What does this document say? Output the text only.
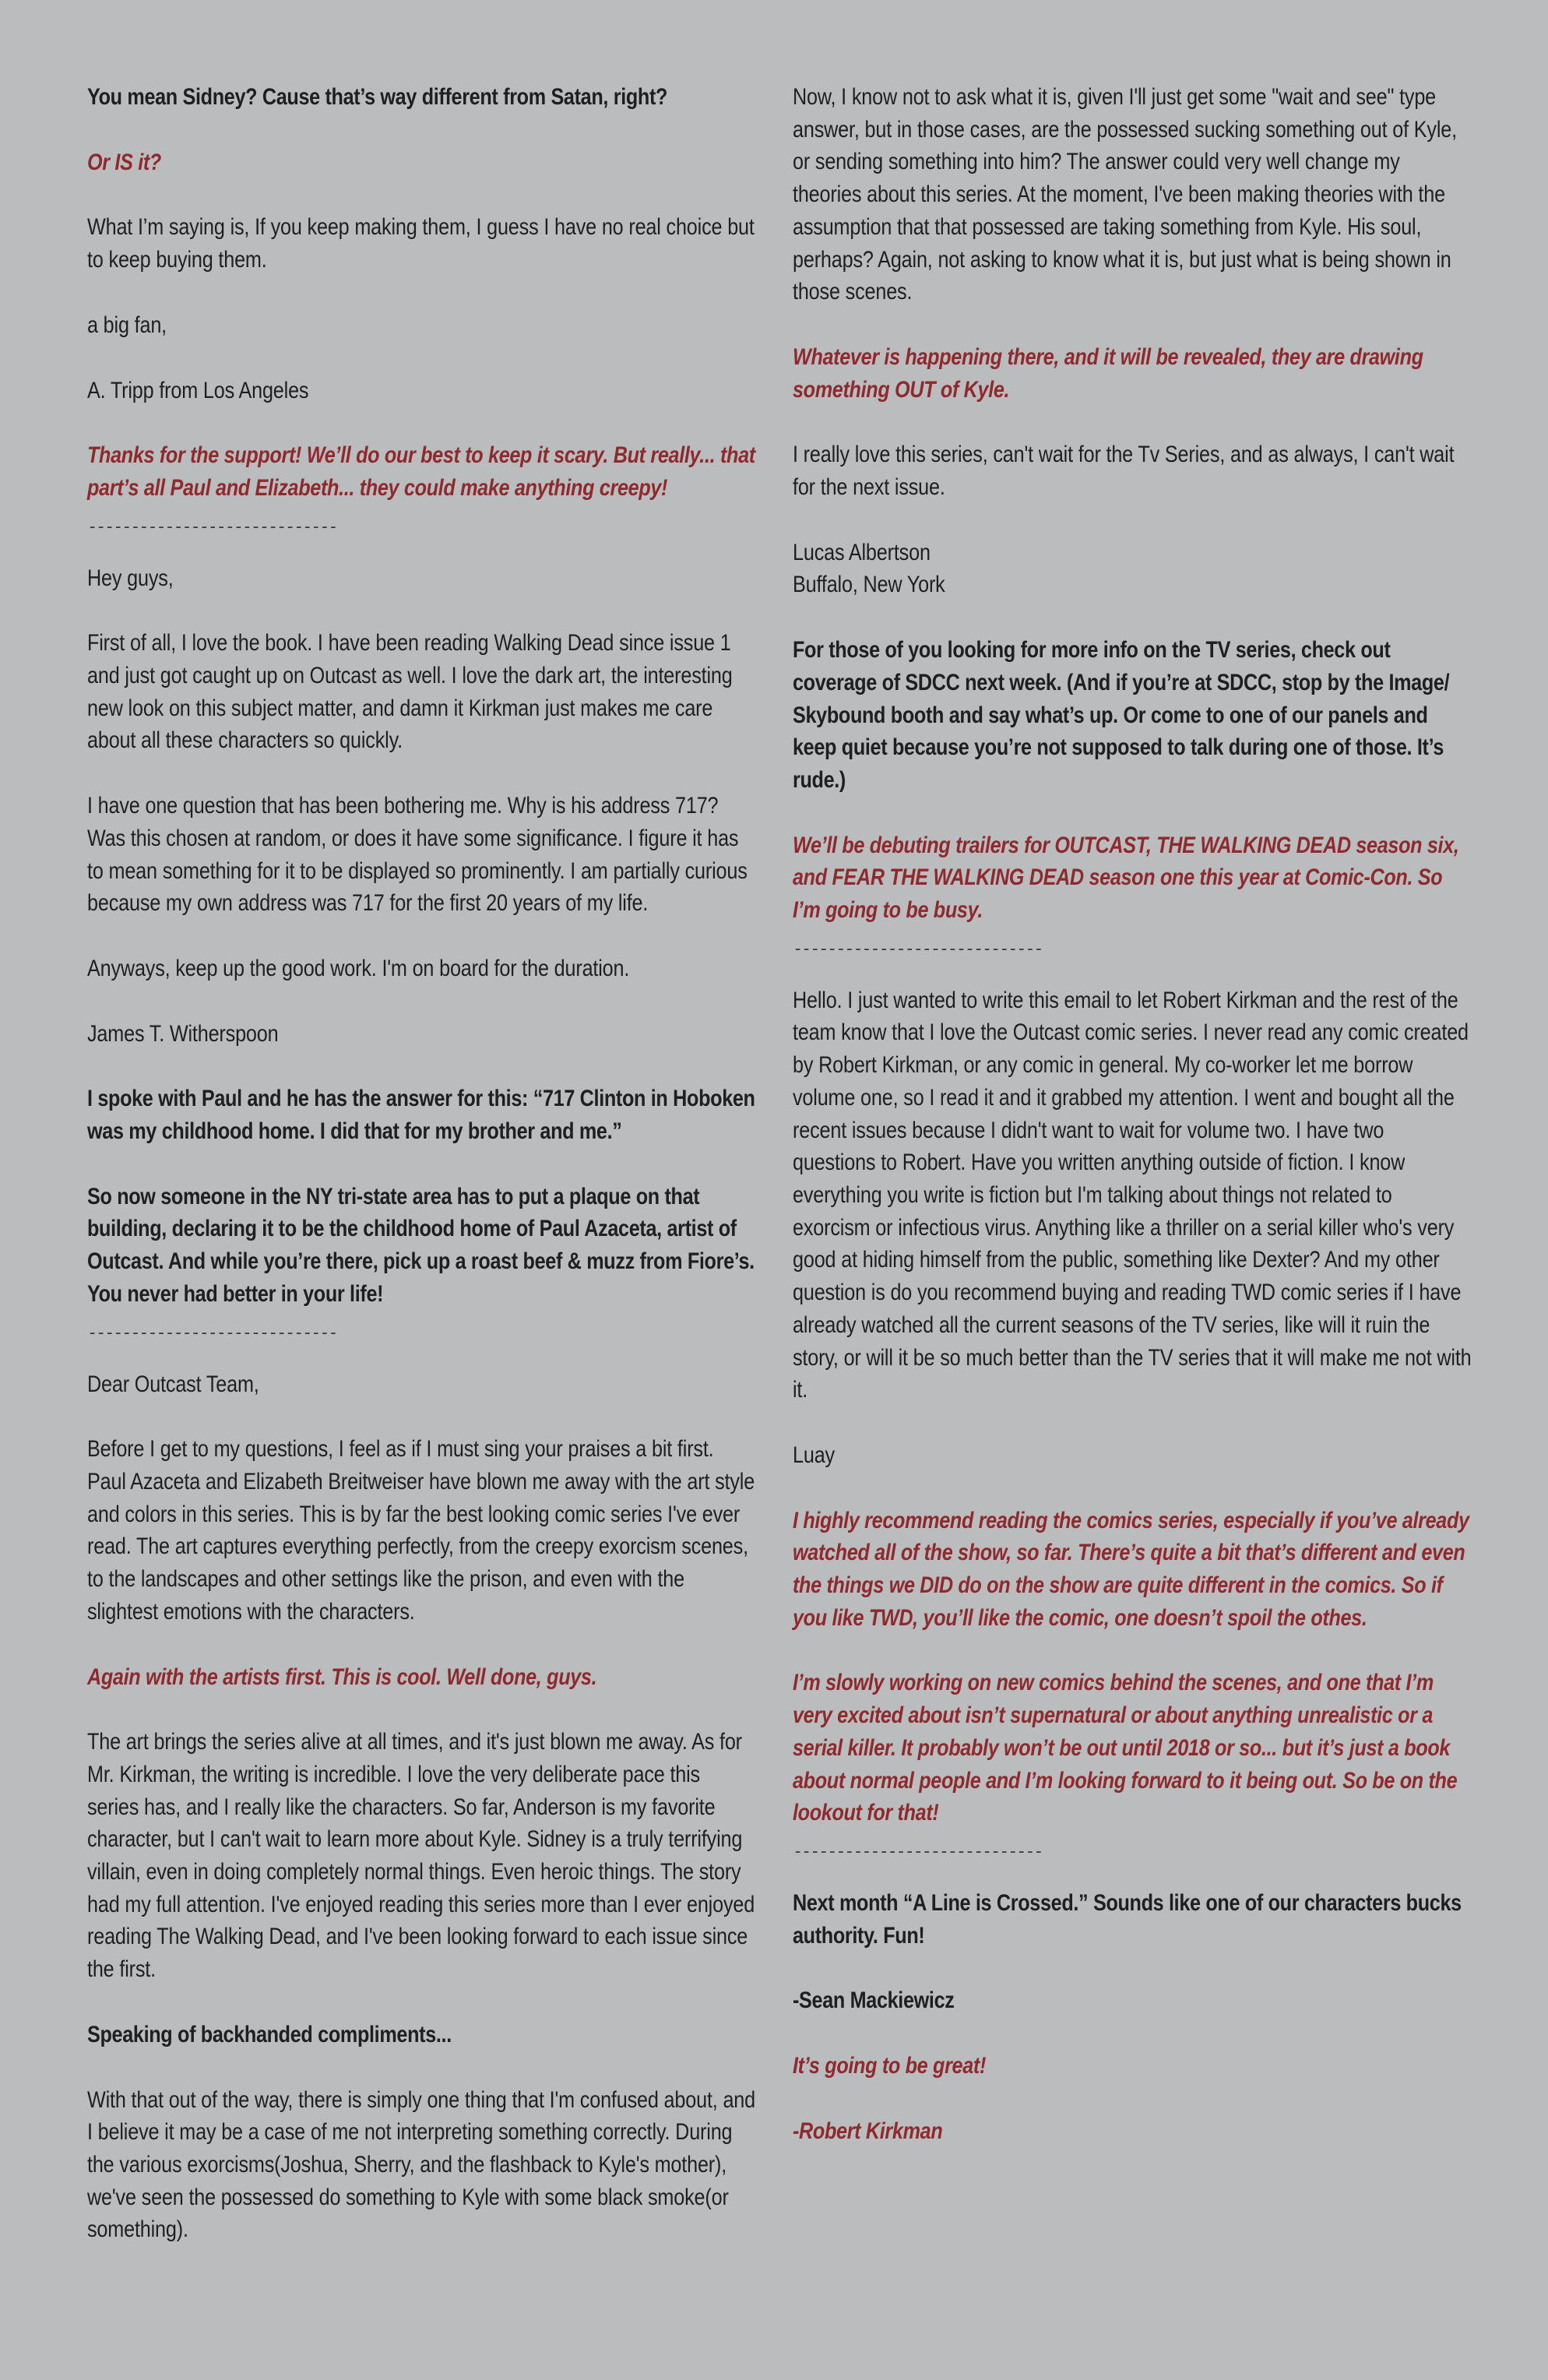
You mean Sidney? Cause that’s way different from Satan, right?
Or IS it?
What I’m saying is, If you keep making them, I guess I have no real choice but to keep buying them.
a big fan,
A. Tripp from Los Angeles
Thanks for the support! We’ll do our best to keep it scary. But really... that part’s all Paul and Elizabeth... they could make anything creepy!
-----------------------------
Hey guys,
First of all, I love the book. I have been reading Walking Dead since issue 1 and just got caught up on Outcast as well. I love the dark art, the interesting new look on this subject matter, and damn it Kirkman just makes me care about all these characters so quickly.
I have one question that has been bothering me. Why is his address 717? Was this chosen at random, or does it have some significance. I figure it has to mean something for it to be displayed so prominently. I am partially curious because my own address was 717 for the first 20 years of my life.
Anyways, keep up the good work. I'm on board for the duration.
James T. Witherspoon
I spoke with Paul and he has the answer for this: “717 Clinton in Hoboken was my childhood home. I did that for my brother and me.”
So now someone in the NY tri-state area has to put a plaque on that building, declaring it to be the childhood home of Paul Azaceta, artist of Outcast. And while you’re there, pick up a roast beef & muzz from Fiore’s. You never had better in your life!
-----------------------------
Dear Outcast Team,
Before I get to my questions, I feel as if I must sing your praises a bit first. Paul Azaceta and Elizabeth Breitweiser have blown me away with the art style and colors in this series. This is by far the best looking comic series I've ever read. The art captures everything perfectly, from the creepy exorcism scenes, to the landscapes and other settings like the prison, and even with the slightest emotions with the characters.
Again with the artists first. This is cool. Well done, guys.
The art brings the series alive at all times, and it's just blown me away. As for Mr. Kirkman, the writing is incredible. I love the very deliberate pace this series has, and I really like the characters. So far, Anderson is my favorite character, but I can't wait to learn more about Kyle. Sidney is a truly terrifying villain, even in doing completely normal things. Even heroic things. The story had my full attention. I've enjoyed reading this series more than I ever enjoyed reading The Walking Dead, and I've been looking forward to each issue since the first.
Speaking of backhanded compliments...
With that out of the way, there is simply one thing that I'm confused about, and I believe it may be a case of me not interpreting something correctly. During the various exorcisms(Joshua, Sherry, and the flashback to Kyle's mother), we've seen the possessed do something to Kyle with some black smoke(or something).
Now, I know not to ask what it is, given I'll just get some "wait and see" type answer, but in those cases, are the possessed sucking something out of Kyle, or sending something into him? The answer could very well change my theories about this series. At the moment, I've been making theories with the assumption that that possessed are taking something from Kyle. His soul, perhaps? Again, not asking to know what it is, but just what is being shown in those scenes.
Whatever is happening there, and it will be revealed, they are drawing something OUT of Kyle.
I really love this series, can't wait for the Tv Series, and as always, I can't wait for the next issue.
Lucas Albertson
Buffalo, New York
For those of you looking for more info on the TV series, check out coverage of SDCC next week. (And if you’re at SDCC, stop by the Image/ Skybound booth and say what’s up. Or come to one of our panels and keep quiet because you’re not supposed to talk during one of those. It’s rude.)
We’ll be debuting trailers for OUTCAST, THE WALKING DEAD season six, and FEAR THE WALKING DEAD season one this year at Comic-Con. So I’m going to be busy.
-----------------------------
Hello. I just wanted to write this email to let Robert Kirkman and the rest of the team know that I love the Outcast comic series. I never read any comic created by Robert Kirkman, or any comic in general. My co-worker let me borrow volume one, so I read it and it grabbed my attention. I went and bought all the recent issues because I didn't want to wait for volume two. I have two questions to Robert. Have you written anything outside of fiction. I know everything you write is fiction but I'm talking about things not related to exorcism or infectious virus. Anything like a thriller on a serial killer who's very good at hiding himself from the public, something like Dexter? And my other question is do you recommend buying and reading TWD comic series if I have already watched all the current seasons of the TV series, like will it ruin the story, or will it be so much better than the TV series that it will make me not with it.
Luay
I highly recommend reading the comics series, especially if you’ve already watched all of the show, so far. There’s quite a bit that’s different and even the things we DID do on the show are quite different in the comics. So if you like TWD, you’ll like the comic, one doesn’t spoil the othes.
I’m slowly working on new comics behind the scenes, and one that I’m very excited about isn’t supernatural or about anything unrealistic or a serial killer. It probably won’t be out until 2018 or so... but it’s just a book about normal people and I’m looking forward to it being out. So be on the lookout for that!
-----------------------------
Next month “A Line is Crossed.” Sounds like one of our characters bucks authority. Fun!
-Sean Mackiewicz
It’s going to be great!
-Robert Kirkman
